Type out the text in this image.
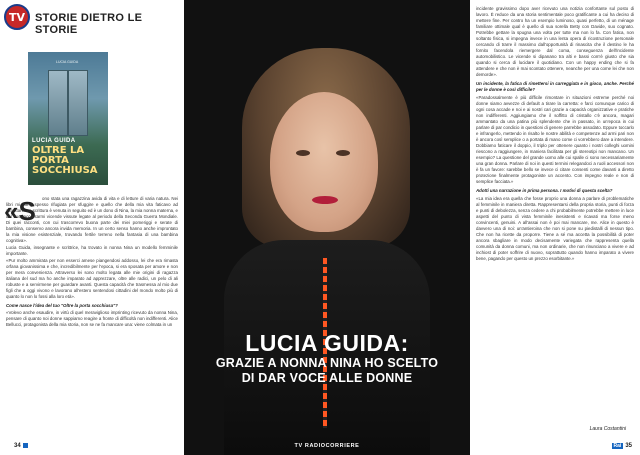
TV STORIE DIETRO LE STORIE
LUCIA GUIDA
LUCIA GUIDA
OLTRE LA PORTA SOCCHIUSA
«S	ono stata una ragazzina avida di vita e di letture di varia natura. Nei libri mi sono spesso rifugiata per sfuggire e quello che della mia vita faticavo ad accettare. La scrittura è venuta in seguito ed è un dono di Nina, la mia nonna materna, e del suo raccontarmi vicende vissute legate al periodo della Seconda Guerra Mondiale. Di quei racconti, con cui trascorrevo buona parte dei miei pomeriggi e serate di bambina, conservo ancora invida memoria. In un certo senso hanno anche improntato la mia visione esistenziale, trovando fertile terreno nella fantasia di una bambina cognitiva».

Lucia Guida, insegnante e scrittrice, ha trovato in nonna Nina un modello femminile importante.

«Pur molto ammirata per non esserci amese piangendosi addosso, lei che era rimasta orfana giovanissima e che, incredibilmente per l'epoca, si era sposata per amore e non per mera convenienza. Attraverso lei sono molto legata alle mie origini di ragazza italiana del sud ma ho anche imparato ad apprezzare, oltre alle radici, un pelo di ali robuste e a servirmene per guardare avanti. Questa capacità che trasmessa al mio due figli che a oggi vivono e lavorano all'estero sentendosi cittadini del mondo molto più di quanto lo non lo fossi alla loro età».

Come nasce l'idea del tuo "Oltre la porta socchiusa"?

«Volevo anche esaudire, in virtù di quel meraviglioso imprinting ricevuto da nonna Nina, pensare di quanto noi donne sappiamo reagire a fronte di difficoltà non indifferenti. Alice Bellucci, protagonista della mia storia, non se ne fa mancare una: viene colmata in un

34
LUCIA GUIDA:
GRAZIE A NONNA NINA HO SCELTO
DI DAR VOCE ALLE DONNE
TV RADIOCORRIERE

incidente gravissimo dopo aver ricevuto una notizia confortante sul posto di lavoro. È reduce da una storia sentimentale poco gratificante a cui ha deciso di mettere fine. Per contro ha un esempio luminoso, quasi perfetto, di un ménage familiare ottimale qual è quello di sua sorella Betty con Davide, suo cognato. Potrebbe gettare la spugna una volta per tutte ma non lo fa. Con fatica, non soltanto fisica, si impegna invece in una lenta opera di ricostruzione personale cercando di trarre il massimo dall'opportunità di rinascita che il destino le ha fornito facendola riemergere dal coma, conseguenza dell'incidente automobilistico. Le vicende si dipanano tra alti e bassi com'è giusto che sia quando si cerca di lucidare il quotidiano. Con un happy ending che si fa attendere e che non è mai scontato ottenere, neanche per una come lei che non demorde».

Un incidente, la fatica di rimettersi in carreggiata e in gioco, anche. Perché per le donne è così difficile?

«Paradossalmente è più difficile rimontare in situazioni estreme perché noi donne siamo avvezze di default a tirare la carretta: e farci comunque carico di ogni cosa accade e noi e ai nostri cari grazie a capacità organizzative e pratiche non indifferenti. Aggiungiamo che il soffitto di cristallo c'è ancora, magari ammantato da una patina più splendente che in passato, in un'epoca in cui parlare di par condicio in questioni di genere parrebbe assodato. Eppure toccarlo e infrangerlo, mettendo in risalto le nostre abilità e competenze ad armi pari non è ancora così semplice o a portata di mano come ci vorrebbero dare a intendere. Dobbiamo faticare il doppio, il triplo per ottenere quanto i nostri colleghi uomini riescono a raggiungere, in maniera facilitata per gli stereotipi non mancano. Un esempio? La questione del grande uomo alle cui spalle ci sono necessariamente una gran donna. Parlare di noi in questi termini relegandoci a ruoli accessori non è fa un favore: sarebbe bello se invece ci citare consenti come davanti a diretto protezione finalmente protagoniste un accento. Con impegno reale e non di semplice facciata.»

Adotti una narrazione in prima persona. I motivi di questa scelta?

«La mia idea era quella che fosse proprio una donna a parlare di problematiche al femminile in maniera diretta. Rappresentarsi della propria storia, punti di forza e punti di debolezza, senza cedere a chi probabilmente potrebbe mettere in luce aspetti del punto di vista femminile inesistenti e ricavati ma forse meno convincenti, genuini. A all'assai non è poi mai mancare, me. Alice in questo è davvero una di noi: un'antieroina che non si pone su piedistalli di nessun tipo. Che non ha ricette da proporre. Tiene a sé ma accetta la possibilità di poter ancora sbagliare in modo decisamente variegata che rappresenta quella comunità da donna comuni, ma non ordinarie, che non rinunciano a vivere e ad inchiost di poter soffrire di nuovo, soprattutto quando hanno imparato a vivere bene, pagando per questo un prezzo esorbitante.»

Laura Costantini
Rai 35
